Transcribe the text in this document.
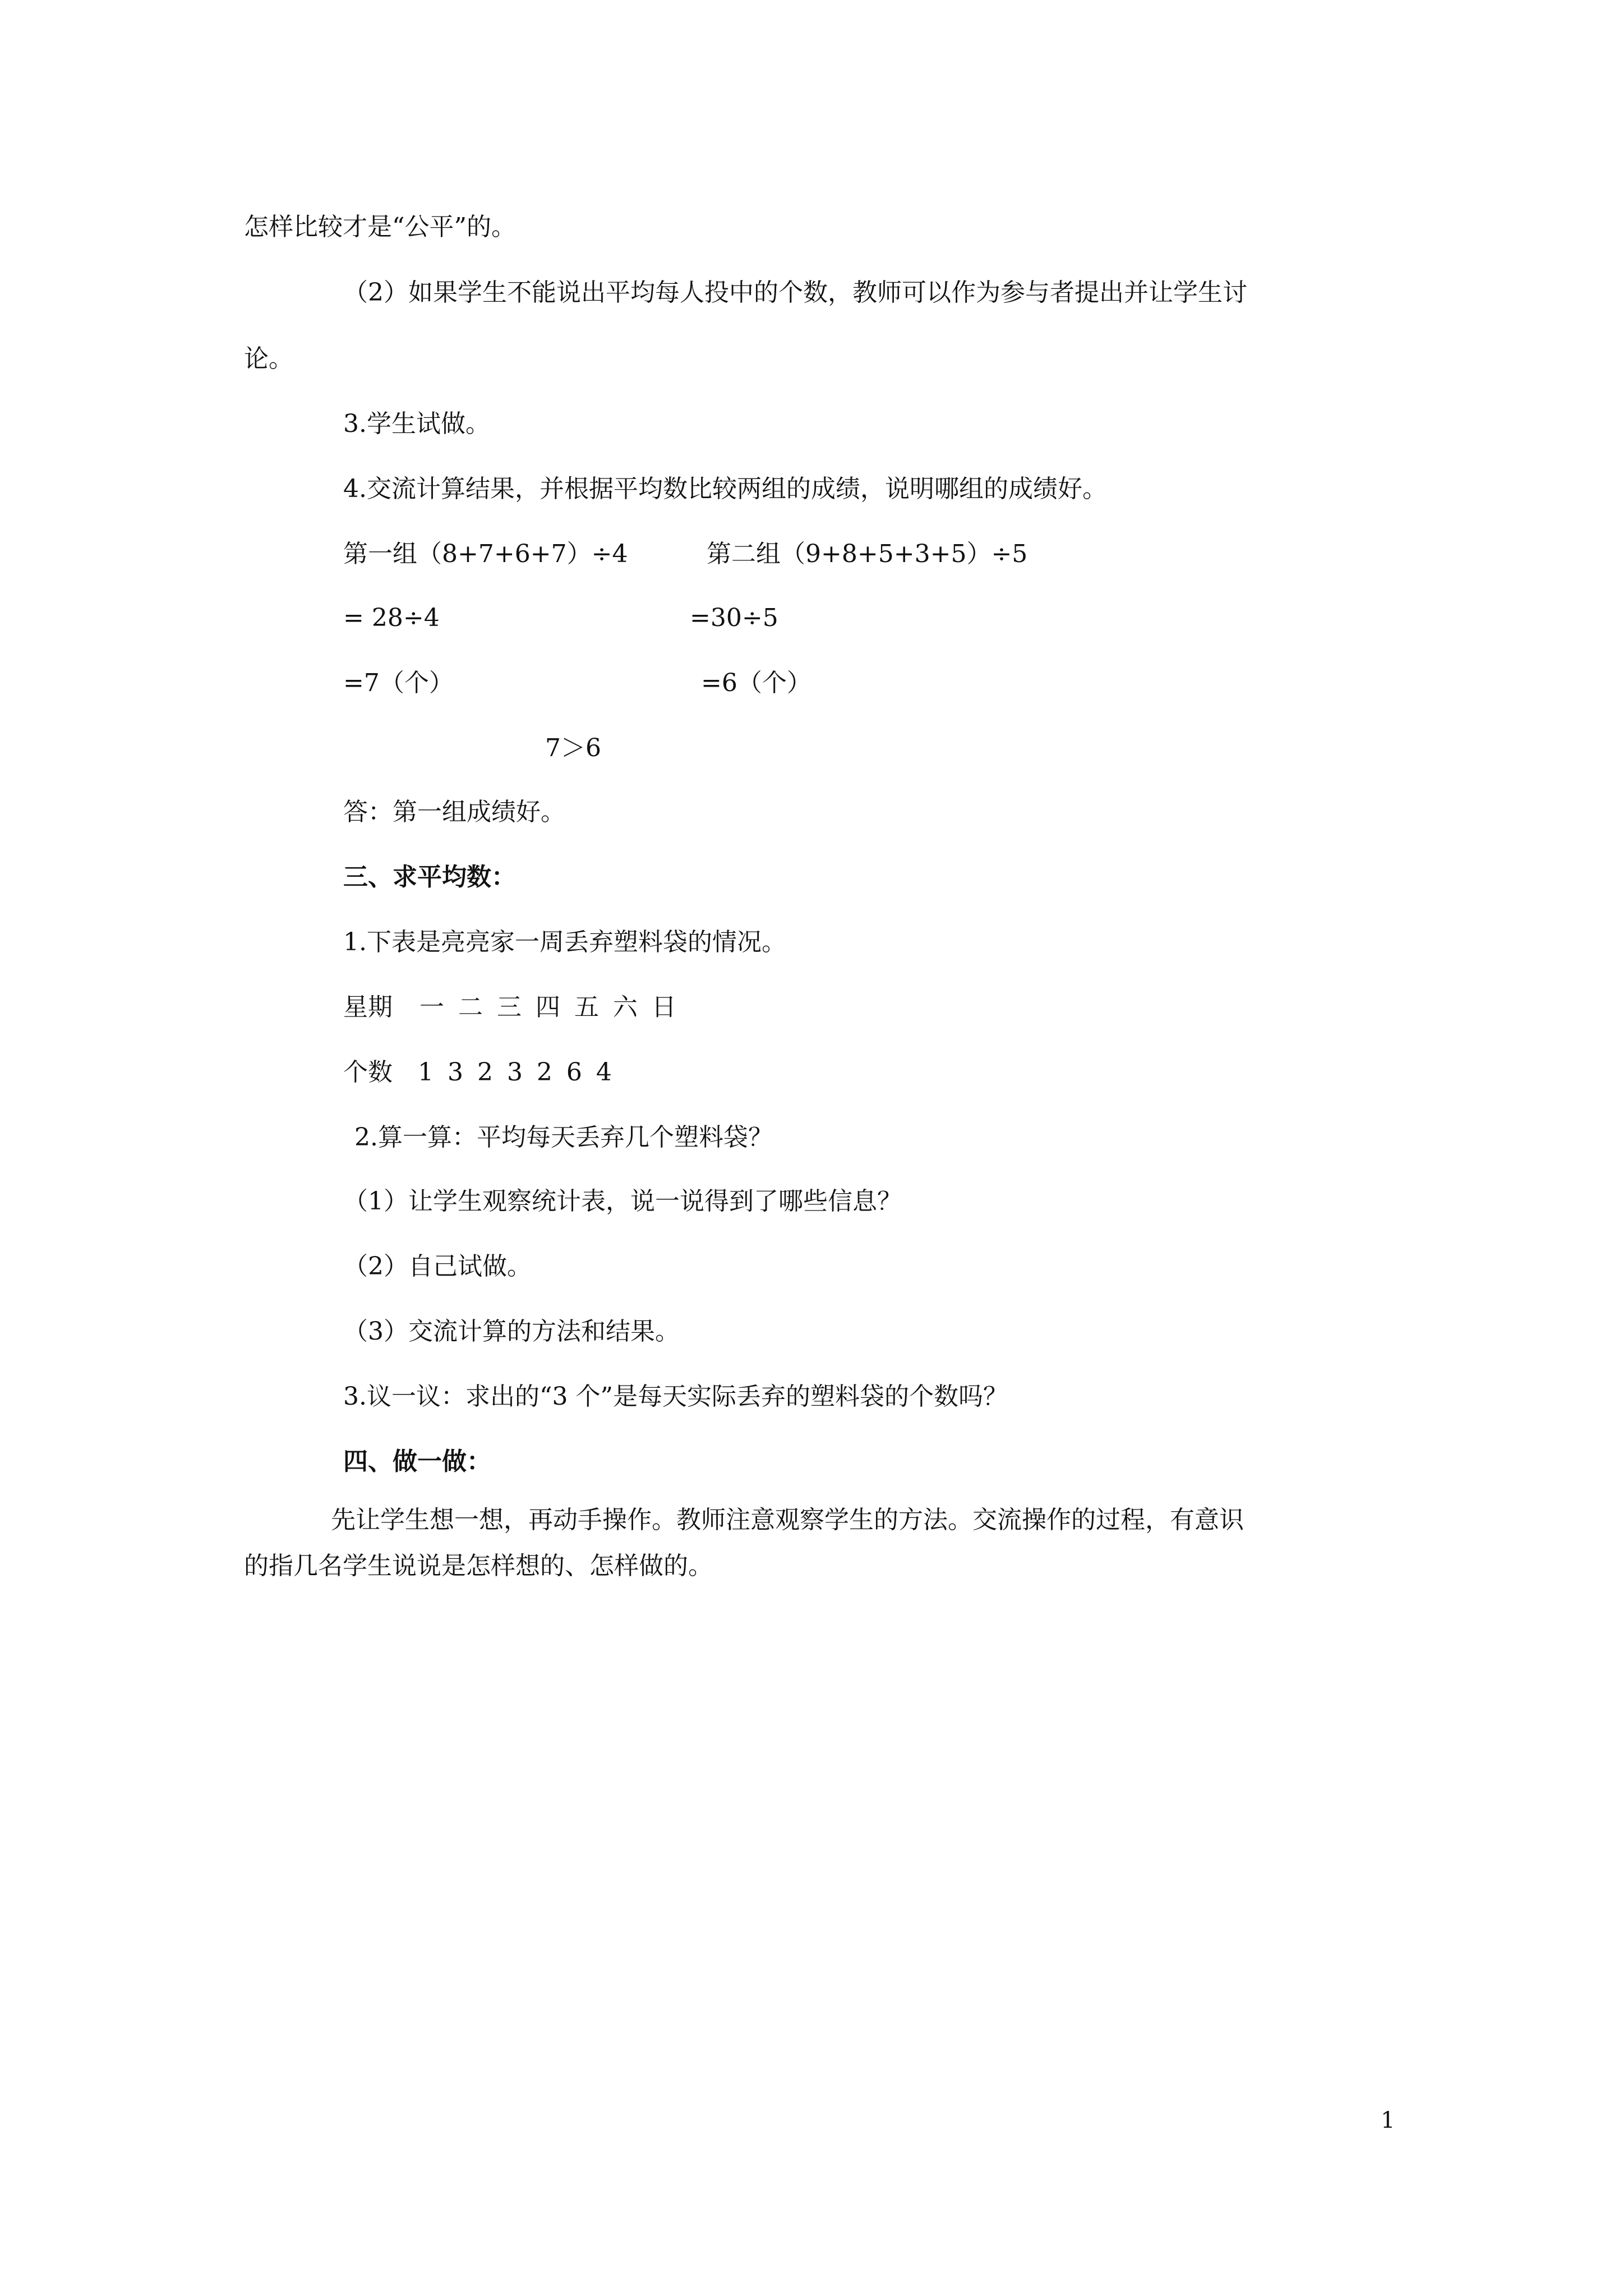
怎样比较才是“公平”的。

（2）如果学生不能说出平均每人投中的个数，教师可以作为参与者提出并让学生讨

论。

3.学生试做。

4.交流计算结果，并根据平均数比较两组的成绩，说明哪组的成绩好。

第一组（8+7+6+7）÷4	第二组（9+8+5+3+5）÷5

= 28÷4	=30÷5

=7（个）	=6（个）

7＞6

答：第一组成绩好。

三、求平均数：

1.下表是亮亮家一周丢弃塑料袋的情况。

星期 一 二 三 四 五 六 日

个数 1 3 2 3 2 6 4

2.算一算：平均每天丢弃几个塑料袋？

（1）让学生观察统计表，说一说得到了哪些信息？

（2）自己试做。

（3）交流计算的方法和结果。

3.议一议：求出的“3 个”是每天实际丢弃的塑料袋的个数吗？

四、做一做：

先让学生想一想，再动手操作。教师注意观察学生的方法。交流操作的过程，有意识

的指几名学生说说是怎样想的、怎样做的。

1
